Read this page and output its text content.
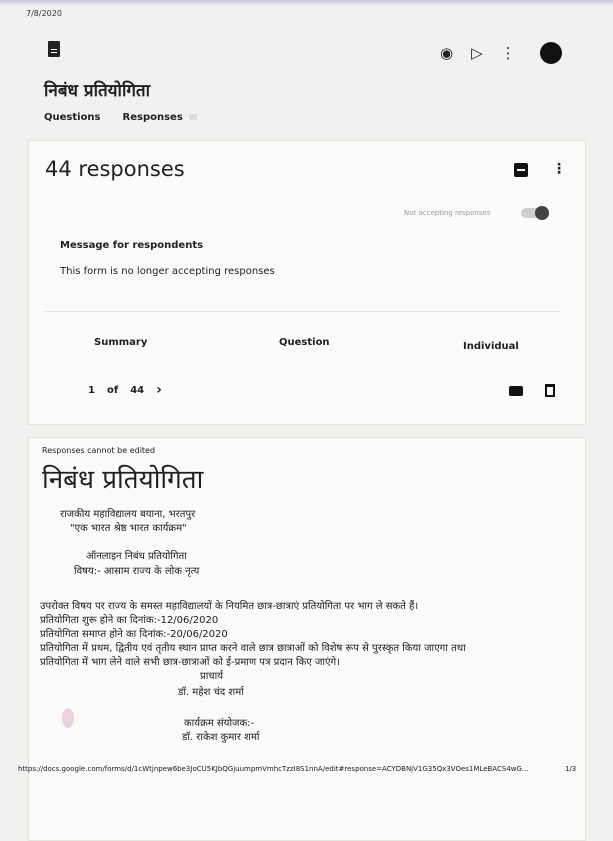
7/8/2020
◉ ▷ ⋮
निबंध प्रतियोगिता
Questions Responses
44 responses	⋮
Not accepting responses
Message for respondents
This form is no longer accepting responses
Summary	Question	Individual
1 of 44 ›
Responses cannot be edited
निबंध प्रतियोगिता
राजकीय महाविद्यालय बयाना, भरतपुर
"एक भारत श्रेष्ठ भारत कार्यक्रम"
ऑनलाइन निबंध प्रतियोगिता
विषय:- आसाम राज्य के लोक नृत्य
उपरोक्त विषय पर राज्य के समस्त महाविद्यालयों के नियमित छात्र-छात्राएं प्रतियोगिता पर भाग ले सकते हैं।
प्रतियोगिता शुरू होने का दिनांक:-12/06/2020
प्रतियोगिता समाप्त होने का दिनांक:-20/06/2020
प्रतियोगिता में प्रथम, द्वितीय एवं तृतीय स्थान प्राप्त करने वाले छात्र छात्राओं को विशेष रूप से पुरस्कृत किया जाएगा तथा
प्रतियोगिता में भाग लेने वाले सभी छात्र-छात्राओं को ई-प्रमाण पत्र प्रदान किए जाएंगे।
प्राचार्य
डॉ. महेश चंद शर्मा
कार्यक्रम संयोजक:-
डॉ. राकेश कुमार शर्मा
https://docs.google.com/forms/d/1cWtjnpew6be3JoCU5KJbQGjuumpmVmhcTzzI8S1nnA/edit#response=ACYDBNjV1G35Qx3VOes1MLeBACS4wG...	1/3
